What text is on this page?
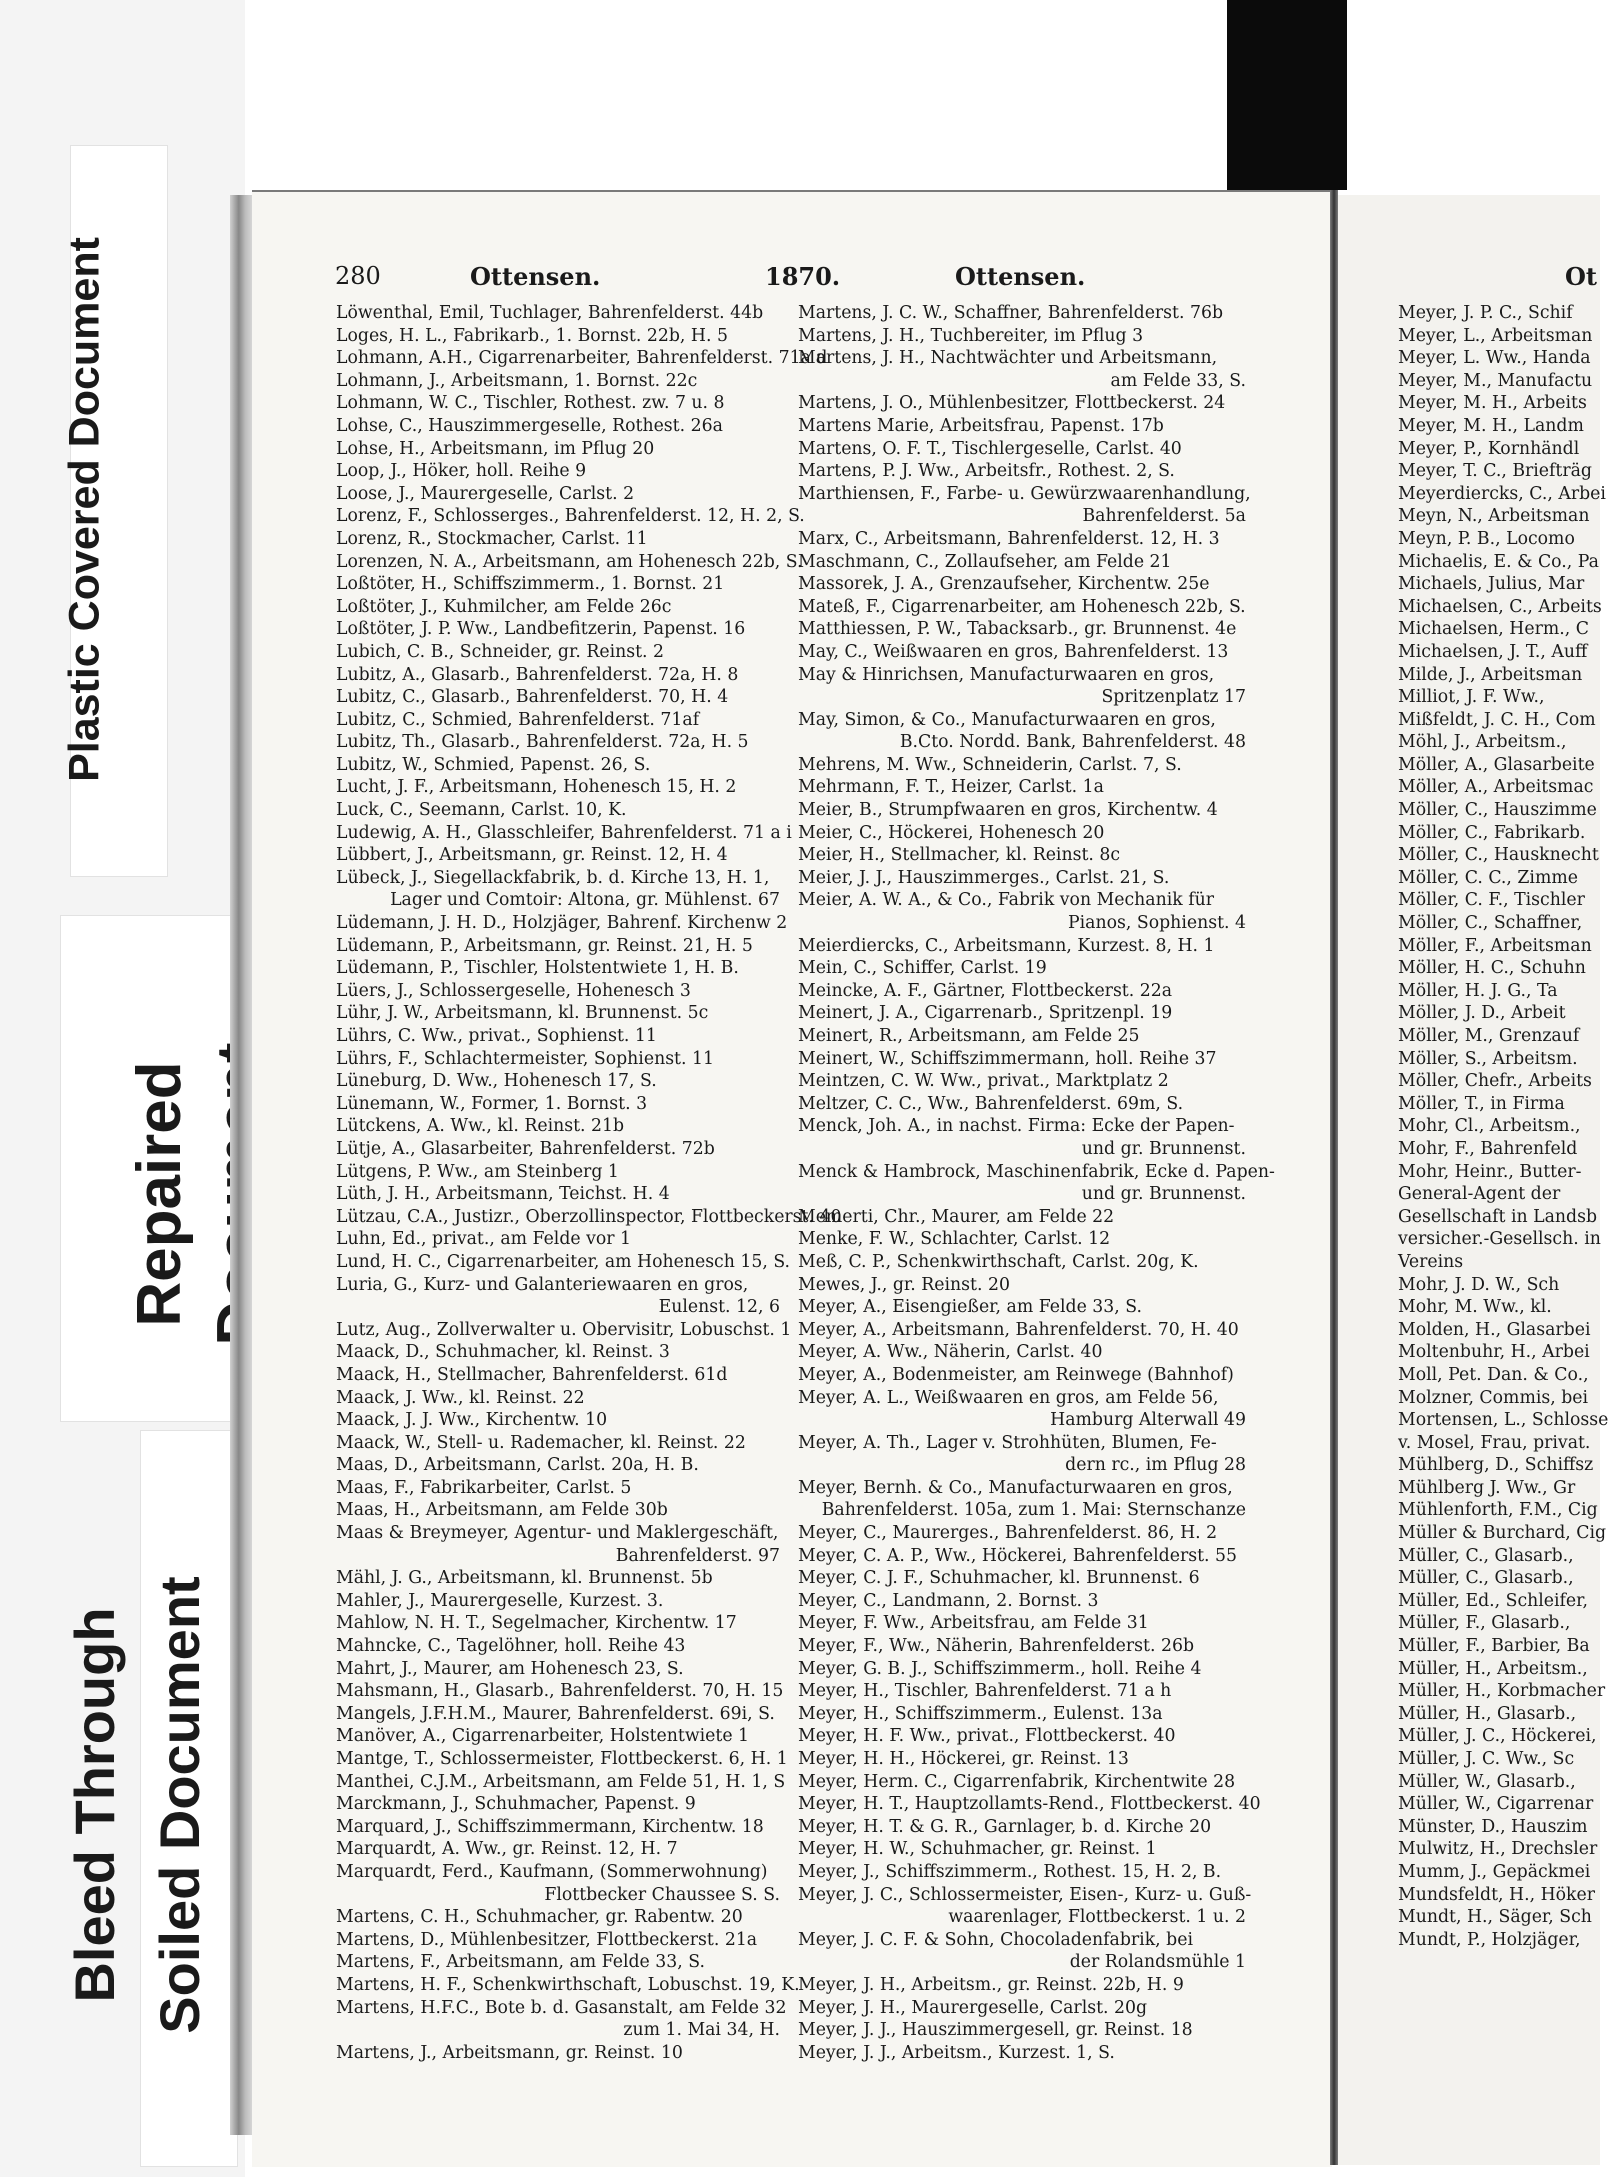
Plastic Covered Document
Repaired
Soiled Document
Bleed Through
280	Ottensen.	1870.	Ottensen.	Ot
Löwenthal, Emil, Tuchlager, Bahrenfelderst. 44b
Loges, H. L., Fabrikarb., 1. Bornst. 22b, H. 5
Lohmann, A.H., Cigarrenarbeiter, Bahrenfelderst. 71a d
Lohmann, J., Arbeitsmann, 1. Bornst. 22c
Lohmann, W. C., Tischler, Rothest. zw. 7 u. 8
Lohse, C., Hauszimmergeselle, Rothest. 26a
Lohse, H., Arbeitsmann, im Pflug 20
Loop, J., Höker, holl. Reihe 9
Loose, J., Maurergeselle, Carlst. 2
Lorenz, F., Schlosserges., Bahrenfelderst. 12, H. 2, S.
Lorenz, R., Stockmacher, Carlst. 11
Lorenzen, N. A., Arbeitsmann, am Hohenesch 22b, S.
Loßtöter, H., Schiffszimmerm., 1. Bornst. 21
Loßtöter, J., Kuhmilcher, am Felde 26c
Loßtöter, J. P. Ww., Landbefitzerin, Papenst. 16
Lubich, C. B., Schneider, gr. Reinst. 2
Lubitz, A., Glasarb., Bahrenfelderst. 72a, H. 8
Lubitz, C., Glasarb., Bahrenfelderst. 70, H. 4
Lubitz, C., Schmied, Bahrenfelderst. 71af
Lubitz, Th., Glasarb., Bahrenfelderst. 72a, H. 5
Lubitz, W., Schmied, Papenst. 26, S.
Lucht, J. F., Arbeitsmann, Hohenesch 15, H. 2
Luck, C., Seemann, Carlst. 10, K.
Ludewig, A. H., Glasschleifer, Bahrenfelderst. 71 a i
Lübbert, J., Arbeitsmann, gr. Reinst. 12, H. 4
Lübeck, J., Siegellackfabrik, b. d. Kirche 13, H. 1,
Lager und Comtoir: Altona, gr. Mühlenst. 67
Lüdemann, J. H. D., Holzjäger, Bahrenf. Kirchenw 2
Lüdemann, P., Arbeitsmann, gr. Reinst. 21, H. 5
Lüdemann, P., Tischler, Holstentwiete 1, H. B.
Lüers, J., Schlossergeselle, Hohenesch 3
Lühr, J. W., Arbeitsmann, kl. Brunnenst. 5c
Lührs, C. Ww., privat., Sophienst. 11
Lührs, F., Schlachtermeister, Sophienst. 11
Lüneburg, D. Ww., Hohenesch 17, S.
Lünemann, W., Former, 1. Bornst. 3
Lütckens, A. Ww., kl. Reinst. 21b
Lütje, A., Glasarbeiter, Bahrenfelderst. 72b
Lütgens, P. Ww., am Steinberg 1
Lüth, J. H., Arbeitsmann, Teichst. H. 4
Lützau, C.A., Justizr., Oberzollinspector, Flottbeckerst. 40
Luhn, Ed., privat., am Felde vor 1
Lund, H. C., Cigarrenarbeiter, am Hohenesch 15, S.
Luria, G., Kurz- und Galanteriewaaren en gros,
Eulenst. 12, 6
Lutz, Aug., Zollverwalter u. Obervisitr, Lobuschst. 1
Maack, D., Schuhmacher, kl. Reinst. 3
Maack, H., Stellmacher, Bahrenfelderst. 61d
Maack, J. Ww., kl. Reinst. 22
Maack, J. J. Ww., Kirchentw. 10
Maack, W., Stell- u. Rademacher, kl. Reinst. 22
Maas, D., Arbeitsmann, Carlst. 20a, H. B.
Maas, F., Fabrikarbeiter, Carlst. 5
Maas, H., Arbeitsmann, am Felde 30b
Maas & Breymeyer, Agentur- und Maklergeschäft,
Bahrenfelderst. 97
Mähl, J. G., Arbeitsmann, kl. Brunnenst. 5b
Mahler, J., Maurergeselle, Kurzest. 3.
Mahlow, N. H. T., Segelmacher, Kirchentw. 17
Mahncke, C., Tagelöhner, holl. Reihe 43
Mahrt, J., Maurer, am Hohenesch 23, S.
Mahsmann, H., Glasarb., Bahrenfelderst. 70, H. 15
Mangels, J.F.H.M., Maurer, Bahrenfelderst. 69i, S.
Manöver, A., Cigarrenarbeiter, Holstentwiete 1
Mantge, T., Schlossermeister, Flottbeckerst. 6, H. 1
Manthei, C.J.M., Arbeitsmann, am Felde 51, H. 1, S
Marckmann, J., Schuhmacher, Papenst. 9
Marquard, J., Schiffszimmermann, Kirchentw. 18
Marquardt, A. Ww., gr. Reinst. 12, H. 7
Marquardt, Ferd., Kaufmann, (Sommerwohnung)
Flottbecker Chaussee S. S.
Martens, C. H., Schuhmacher, gr. Rabentw. 20
Martens, D., Mühlenbesitzer, Flottbeckerst. 21a
Martens, F., Arbeitsmann, am Felde 33, S.
Martens, H. F., Schenkwirthschaft, Lobuschst. 19, K.
Martens, H.F.C., Bote b. d. Gasanstalt, am Felde 32
zum 1. Mai 34, H.
Martens, J., Arbeitsmann, gr. Reinst. 10
Martens, J. C. W., Schaffner, Bahrenfelderst. 76b
Martens, J. H., Tuchbereiter, im Pflug 3
Martens, J. H., Nachtwächter und Arbeitsmann,
am Felde 33, S.
Martens, J. O., Mühlenbesitzer, Flottbeckerst. 24
Martens Marie, Arbeitsfrau, Papenst. 17b
Martens, O. F. T., Tischlergeselle, Carlst. 40
Martens, P. J. Ww., Arbeitsfr., Rothest. 2, S.
Marthiensen, F., Farbe- u. Gewürzwaarenhandlung,
Bahrenfelderst. 5a
Marx, C., Arbeitsmann, Bahrenfelderst. 12, H. 3
Maschmann, C., Zollaufseher, am Felde 21
Massorek, J. A., Grenzaufseher, Kirchentw. 25e
Mateß, F., Cigarrenarbeiter, am Hohenesch 22b, S.
Matthiessen, P. W., Tabacksarb., gr. Brunnenst. 4e
May, C., Weißwaaren en gros, Bahrenfelderst. 13
May & Hinrichsen, Manufacturwaaren en gros,
Spritzenplatz 17
May, Simon, & Co., Manufacturwaaren en gros,
B.Cto. Nordd. Bank, Bahrenfelderst. 48
Mehrens, M. Ww., Schneiderin, Carlst. 7, S.
Mehrmann, F. T., Heizer, Carlst. 1a
Meier, B., Strumpfwaaren en gros, Kirchentw. 4
Meier, C., Höckerei, Hohenesch 20
Meier, H., Stellmacher, kl. Reinst. 8c
Meier, J. J., Hauszimmerges., Carlst. 21, S.
Meier, A. W. A., & Co., Fabrik von Mechanik für
Pianos, Sophienst. 4
Meierdiercks, C., Arbeitsmann, Kurzest. 8, H. 1
Mein, C., Schiffer, Carlst. 19
Meincke, A. F., Gärtner, Flottbeckerst. 22a
Meinert, J. A., Cigarrenarb., Spritzenpl. 19
Meinert, R., Arbeitsmann, am Felde 25
Meinert, W., Schiffszimmermann, holl. Reihe 37
Meintzen, C. W. Ww., privat., Marktplatz 2
Meltzer, C. C., Ww., Bahrenfelderst. 69m, S.
Menck, Joh. A., in nachst. Firma: Ecke der Papen-
und gr. Brunnenst.
Menck & Hambrock, Maschinenfabrik, Ecke d. Papen-
und gr. Brunnenst.
Memerti, Chr., Maurer, am Felde 22
Menke, F. W., Schlachter, Carlst. 12
Meß, C. P., Schenkwirthschaft, Carlst. 20g, K.
Mewes, J., gr. Reinst. 20
Meyer, A., Eisengießer, am Felde 33, S.
Meyer, A., Arbeitsmann, Bahrenfelderst. 70, H. 40
Meyer, A. Ww., Näherin, Carlst. 40
Meyer, A., Bodenmeister, am Reinwege (Bahnhof)
Meyer, A. L., Weißwaaren en gros, am Felde 56,
Hamburg Alterwall 49
Meyer, A. Th., Lager v. Strohhüten, Blumen, Fe-
dern rc., im Pflug 28
Meyer, Bernh. & Co., Manufacturwaaren en gros,
Bahrenfelderst. 105a, zum 1. Mai: Sternschanze
Meyer, C., Maurerges., Bahrenfelderst. 86, H. 2
Meyer, C. A. P., Ww., Höckerei, Bahrenfelderst. 55
Meyer, C. J. F., Schuhmacher, kl. Brunnenst. 6
Meyer, C., Landmann, 2. Bornst. 3
Meyer, F. Ww., Arbeitsfrau, am Felde 31
Meyer, F., Ww., Näherin, Bahrenfelderst. 26b
Meyer, G. B. J., Schiffszimmerm., holl. Reihe 4
Meyer, H., Tischler, Bahrenfelderst. 71 a h
Meyer, H., Schiffszimmerm., Eulenst. 13a
Meyer, H. F. Ww., privat., Flottbeckerst. 40
Meyer, H. H., Höckerei, gr. Reinst. 13
Meyer, Herm. C., Cigarrenfabrik, Kirchentwite 28
Meyer, H. T., Hauptzollamts-Rend., Flottbeckerst. 40
Meyer, H. T. & G. R., Garnlager, b. d. Kirche 20
Meyer, H. W., Schuhmacher, gr. Reinst. 1
Meyer, J., Schiffszimmerm., Rothest. 15, H. 2, B.
Meyer, J. C., Schlossermeister, Eisen-, Kurz- u. Guß-
waarenlager, Flottbeckerst. 1 u. 2
Meyer, J. C. F. & Sohn, Chocoladenfabrik, bei
der Rolandsmühle 1
Meyer, J. H., Arbeitsm., gr. Reinst. 22b, H. 9
Meyer, J. H., Maurergeselle, Carlst. 20g
Meyer, J. J., Hauszimmergesell, gr. Reinst. 18
Meyer, J. J., Arbeitsm., Kurzest. 1, S.
Meyer, J. P. C., Schif
Meyer, L., Arbeitsman
Meyer, L. Ww., Handa
Meyer, M., Manufactu
Meyer, M. H., Arbeits
Meyer, M. H., Landm
Meyer, P., Kornhändl
Meyer, T. C., Briefträg
Meyerdiercks, C., Arbei
Meyn, N., Arbeitsman
Meyn, P. B., Locomo
Michaelis, E. & Co., Pa
Michaels, Julius, Mar
Michaelsen, C., Arbeits
Michaelsen, Herm., C
Michaelsen, J. T., Auff
Milde, J., Arbeitsman
Milliot, J. F. Ww.,
Mißfeldt, J. C. H., Com
Möhl, J., Arbeitsm.,
Möller, A., Glasarbeite
Möller, A., Arbeitsmac
Möller, C., Hauszimme
Möller, C., Fabrikarb.
Möller, C., Hausknecht
Möller, C. C., Zimme
Möller, C. F., Tischler
Möller, C., Schaffner,
Möller, F., Arbeitsman
Möller, H. C., Schuhn
Möller, H. J. G., Ta
Möller, J. D., Arbeit
Möller, M., Grenzauf
Möller, S., Arbeitsm.
Möller, Chefr., Arbeits
Möller, T., in Firma
Mohr, Cl., Arbeitsm.,
Mohr, F., Bahrenfeld
Mohr, Heinr., Butter-
General-Agent der
Gesellschaft in Landsb
versicher.-Gesellsch. in
Vereins
Mohr, J. D. W., Sch
Mohr, M. Ww., kl.
Molden, H., Glasarbei
Moltenbuhr, H., Arbei
Moll, Pet. Dan. & Co.,
Molzner, Commis, bei
Mortensen, L., Schlosse
v. Mosel, Frau, privat.
Mühlberg, D., Schiffsz
Mühlberg J. Ww., Gr
Mühlenforth, F.M., Cig
Müller & Burchard, Cig
Müller, C., Glasarb.,
Müller, C., Glasarb.,
Müller, Ed., Schleifer,
Müller, F., Glasarb.,
Müller, F., Barbier, Ba
Müller, H., Arbeitsm.,
Müller, H., Korbmacher
Müller, H., Glasarb.,
Müller, J. C., Höckerei,
Müller, J. C. Ww., Sc
Müller, W., Glasarb.,
Müller, W., Cigarrenar
Münster, D., Hauszim
Mulwitz, H., Drechsler
Mumm, J., Gepäckmei
Mundsfeldt, H., Höker
Mundt, H., Säger, Sch
Mundt, P., Holzjäger,
